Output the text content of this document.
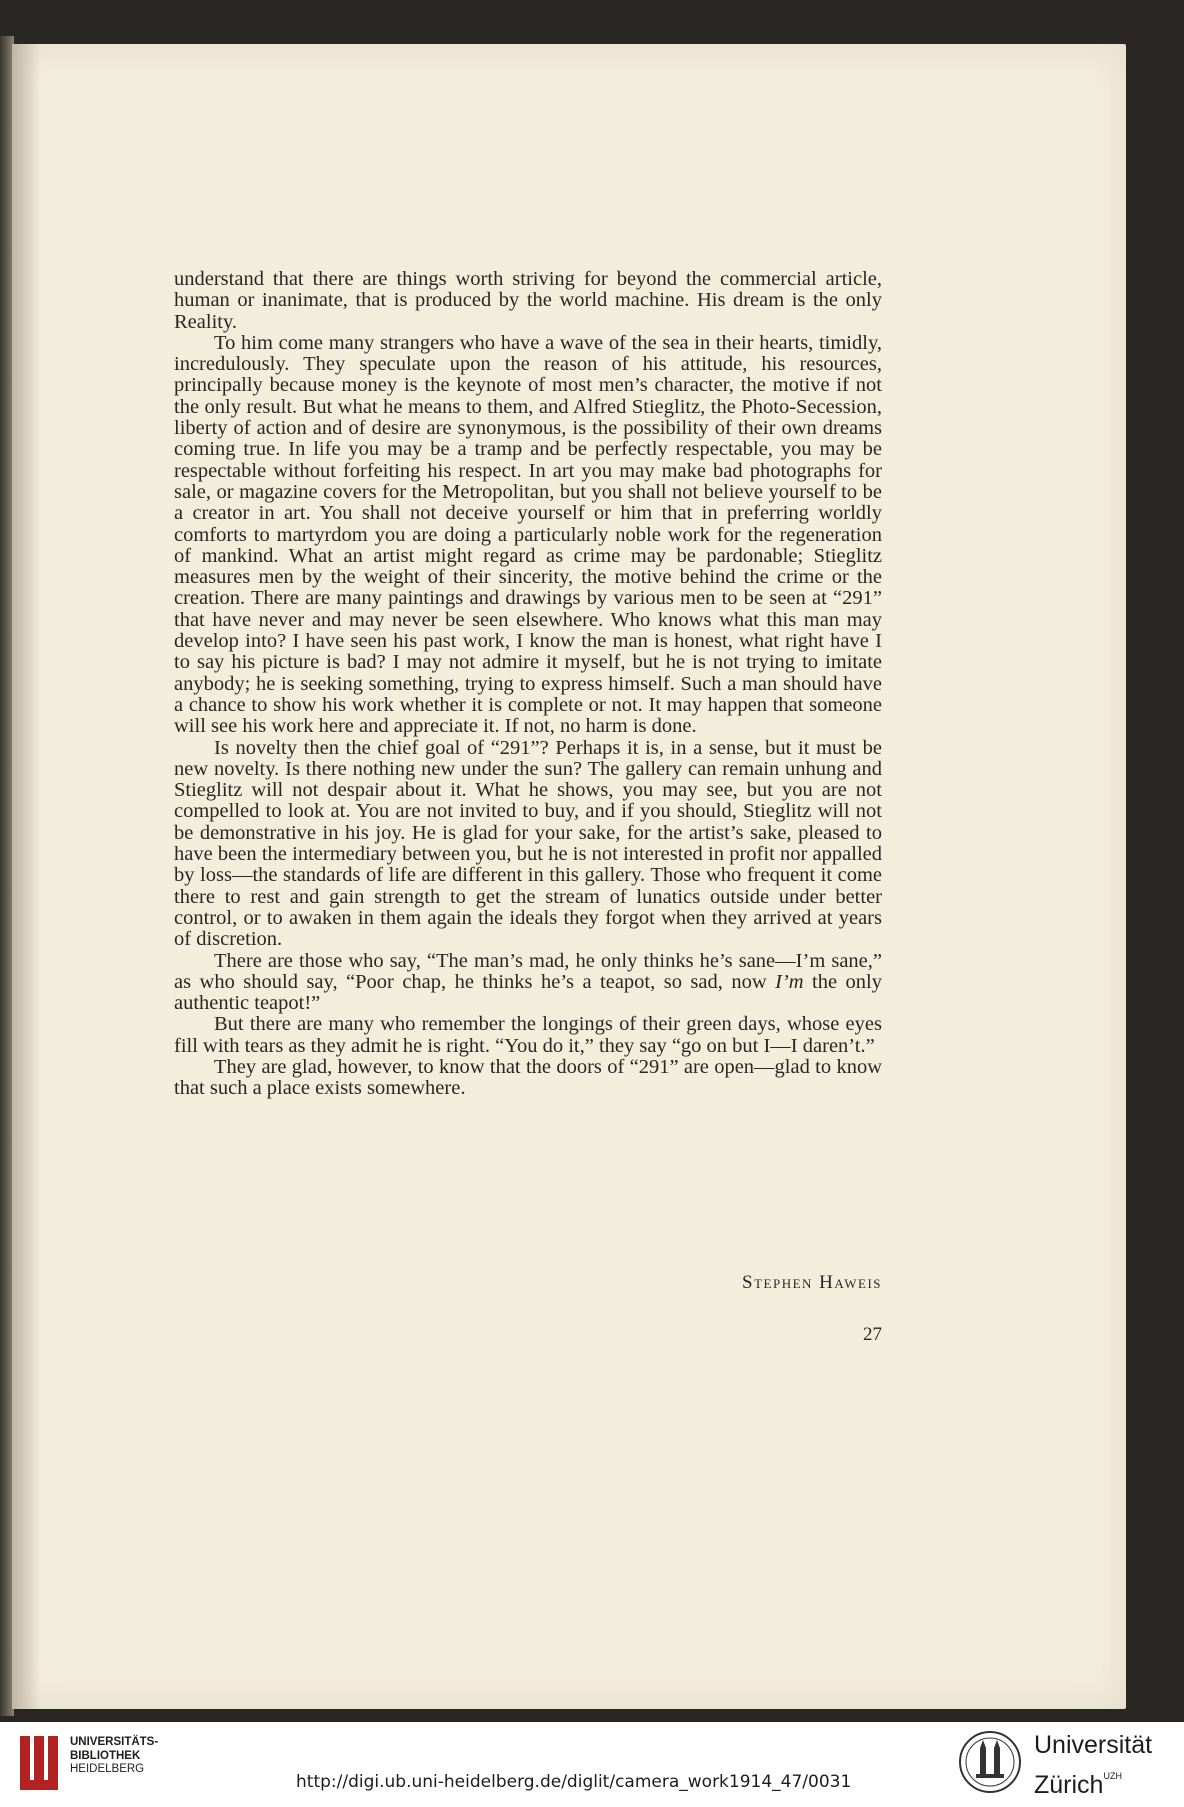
understand that there are things worth striving for beyond the commercial article, human or inanimate, that is produced by the world machine. His dream is the only Reality.

To him come many strangers who have a wave of the sea in their hearts, timidly, incredulously. They speculate upon the reason of his attitude, his resources, principally because money is the keynote of most men’s character, the motive if not the only result. But what he means to them, and Alfred Stieglitz, the Photo-Secession, liberty of action and of desire are synonymous, is the possibility of their own dreams coming true. In life you may be a tramp and be perfectly respectable, you may be respectable without forfeiting his respect. In art you may make bad photographs for sale, or magazine covers for the Metropolitan, but you shall not believe yourself to be a creator in art. You shall not deceive yourself or him that in preferring worldly comforts to martyrdom you are doing a particularly noble work for the regeneration of mankind. What an artist might regard as crime may be pardonable; Stieglitz measures men by the weight of their sincerity, the motive behind the crime or the creation. There are many paintings and drawings by various men to be seen at “291” that have never and may never be seen elsewhere. Who knows what this man may develop into? I have seen his past work, I know the man is honest, what right have I to say his picture is bad? I may not admire it myself, but he is not trying to imitate anybody; he is seeking something, trying to express himself. Such a man should have a chance to show his work whether it is complete or not. It may happen that someone will see his work here and appreciate it. If not, no harm is done.

Is novelty then the chief goal of “291”? Perhaps it is, in a sense, but it must be new novelty. Is there nothing new under the sun? The gallery can remain unhung and Stieglitz will not despair about it. What he shows, you may see, but you are not compelled to look at. You are not invited to buy, and if you should, Stieglitz will not be demonstrative in his joy. He is glad for your sake, for the artist’s sake, pleased to have been the intermediary between you, but he is not interested in profit nor appalled by loss—the standards of life are different in this gallery. Those who frequent it come there to rest and gain strength to get the stream of lunatics outside under better control, or to awaken in them again the ideals they forgot when they arrived at years of discretion.

There are those who say, “The man’s mad, he only thinks he’s sane—I’m sane,” as who should say, “Poor chap, he thinks he’s a teapot, so sad, now I’m the only authentic teapot!”

But there are many who remember the longings of their green days, whose eyes fill with tears as they admit he is right. “You do it,” they say “go on but I—I daren’t.”

They are glad, however, to know that the doors of “291” are open—glad to know that such a place exists somewhere.

Stephen Haweis
27
UNIVERSITÄTS-
BIBLIOTHEK
HEIDELBERG
http://digi.ub.uni-heidelberg.de/diglit/camera_work1914_47/0031
Universität
Zürich$^{UZH}$
